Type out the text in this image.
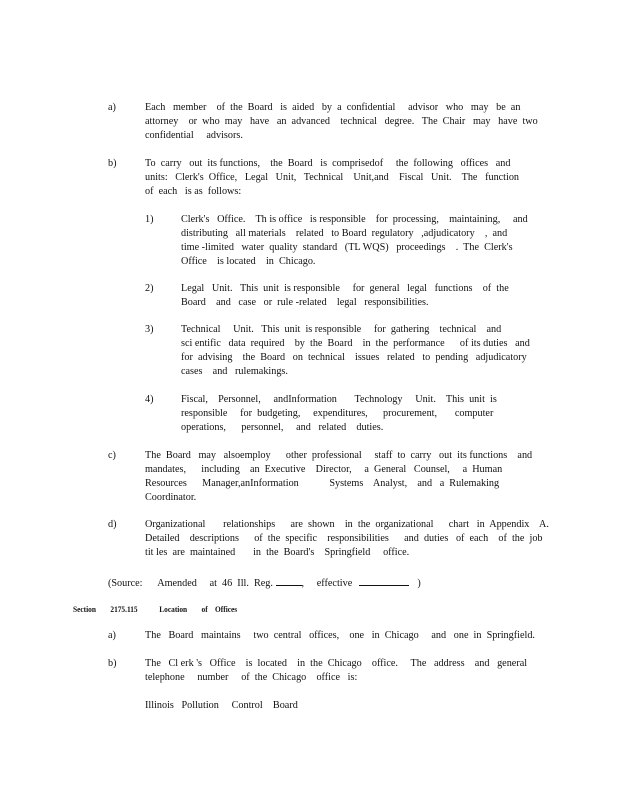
a)	Each   member    of  the  Board   is  aided   by  a  confidential     advisor   who   may   be  an
attorney    or  who  may   have   an  advanced    technical   degree.   The  Chair   may   have  two
confidential     advisors.
b)	To  carry   out  its functions,    the  Board   is  comprisedof     the  following   offices   and
units:   Clerk's  Office,   Legal   Unit,   Technical    Unit,and    Fiscal   Unit.    The   function
of  each   is as  follows:
1)	Clerk's   Office.    Th is office   is responsible    for  processing,    maintaining,     and
distributing   all materials    related   to Board  regulatory   ,adjudicatory    ,  and
time -limited   water  quality  standard   (TL WQS)   proceedings    .  The  Clerk's
Office    is located    in  Chicago.
2)	Legal   Unit.   This  unit  is responsible     for  general   legal   functions    of  the
Board    and   case   or  rule -related    legal   responsibilities.
3)	Technical     Unit.   This  unit  is responsible     for  gathering    technical    and
sci entific   data  required    by  the  Board    in  the  performance      of its duties   and
for  advising    the  Board   on  technical    issues   related   to  pending   adjudicatory
cases    and   rulemakings.
4)	Fiscal,    Personnel,     andInformation       Technology     Unit.    This  unit  is
responsible     for  budgeting,     expenditures,      procurement,       computer
operations,      personnel,     and   related    duties.
c)	The  Board   may   alsoemploy      other  professional     staff  to  carry   out  its functions    and
mandates,      including    an  Executive    Director,     a  General   Counsel,     a  Human
Resources      Manager,anInformation            Systems    Analyst,    and   a  Rulemaking
Coordinator.
d)	Organizational       relationships      are  shown    in  the  organizational      chart   in  Appendix    A.
Detailed    descriptions      of  the  specific    responsibilities      and  duties   of  each    of  the  job
tit les  are  maintained       in  the  Board's    Springfield     office.
(Source:      Amended     at  46  Ill.  Reg.	,     effective	)
Section 2175.115	Location of    Offices
a)	The   Board   maintains     two  central   offices,    one   in  Chicago     and   one  in  Springfield.
b)	The   Cl erk 's   Office    is  located    in  the  Chicago    office.     The   address    and   general
telephone     number     of  the  Chicago    office   is:
Illinois   Pollution     Control    Board
